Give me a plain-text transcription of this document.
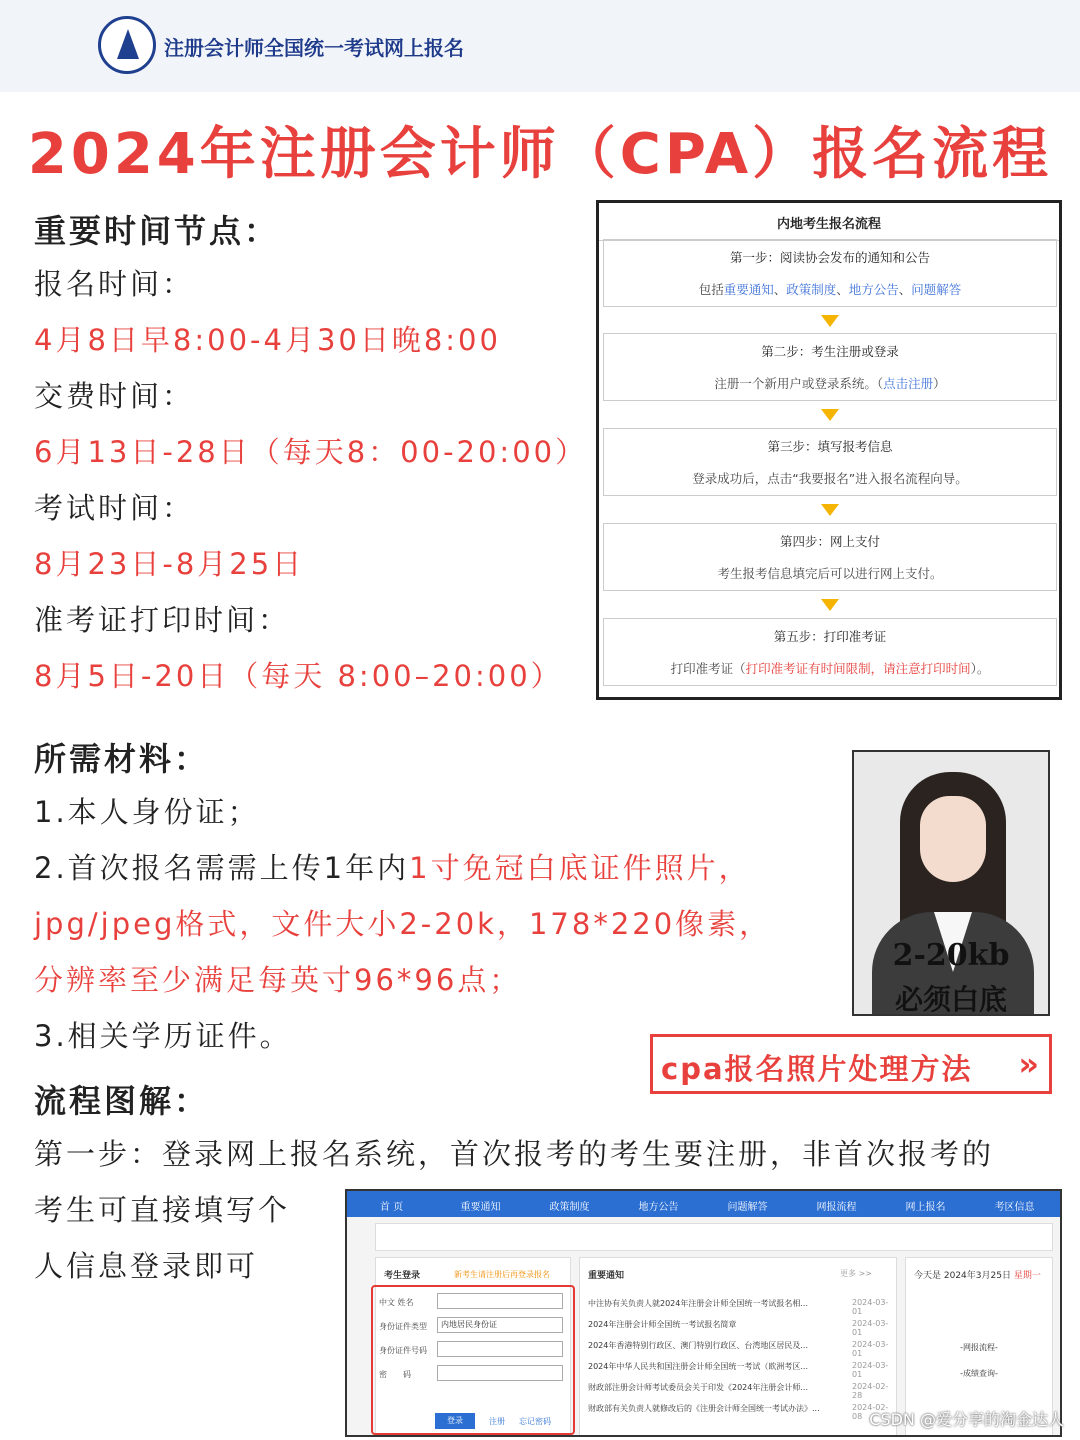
注册会计师全国统一考试网上报名
2024年注册会计师（CPA）报名流程
重要时间节点：
报名时间：
4月8日早8:00-4月30日晚8:00
交费时间：
6月13日-28日（每天8：00-20:00）
考试时间：
8月23日-8月25日
准考证打印时间：
8月5日-20日（每天 8:00–20:00）
内地考生报名流程
第一步：阅读协会发布的通知和公告
包括重要通知、政策制度、地方公告、问题解答
第二步：考生注册或登录
注册一个新用户或登录系统。（点击注册）
第三步：填写报考信息
登录成功后，点击“我要报名”进入报名流程向导。
第四步：网上支付
考生报考信息填完后可以进行网上支付。
第五步：打印准考证
打印准考证（打印准考证有时间限制，请注意打印时间）。
所需材料：
1.本人身份证；
2.首次报名需需上传1年内1寸免冠白底证件照片，
jpg/jpeg格式，文件大小2-20k，178*220像素，
分辨率至少满足每英寸96*96点；
3.相关学历证件。
2-20kb
必须白底
cpa报名照片处理方法 »
流程图解：
第一步：登录网上报名系统，首次报考的考生要注册，非首次报考的
考生可直接填写个
人信息登录即可
首 页	重要通知	政策制度	地方公告	问题解答	网报流程	网上报名	考区信息
考生登录	新考生请注册后再登录报名
中文 姓名
身份证件类型	内地居民身份证
身份证件号码
密　　码
登录	注册 忘记密码
重要通知	更多 >>
中注协有关负责人就2024年注册会计师全国统一考试报名相...	2024-03-01
2024年注册会计师全国统一考试报名简章	2024-03-01
2024年香港特别行政区、澳门特别行政区、台湾地区居民及...	2024-03-01
2024年中华人民共和国注册会计师全国统一考试（欧洲考区...	2024-03-01
财政部注册会计师考试委员会关于印发《2024年注册会计师...	2024-02-28
财政部有关负责人就修改后的《注册会计师全国统一考试办法》...	2024-02-08
今天是 2024年3月25日 星期一
-网报流程-
-成绩查询-
CSDN @爱分享的淘金达人
